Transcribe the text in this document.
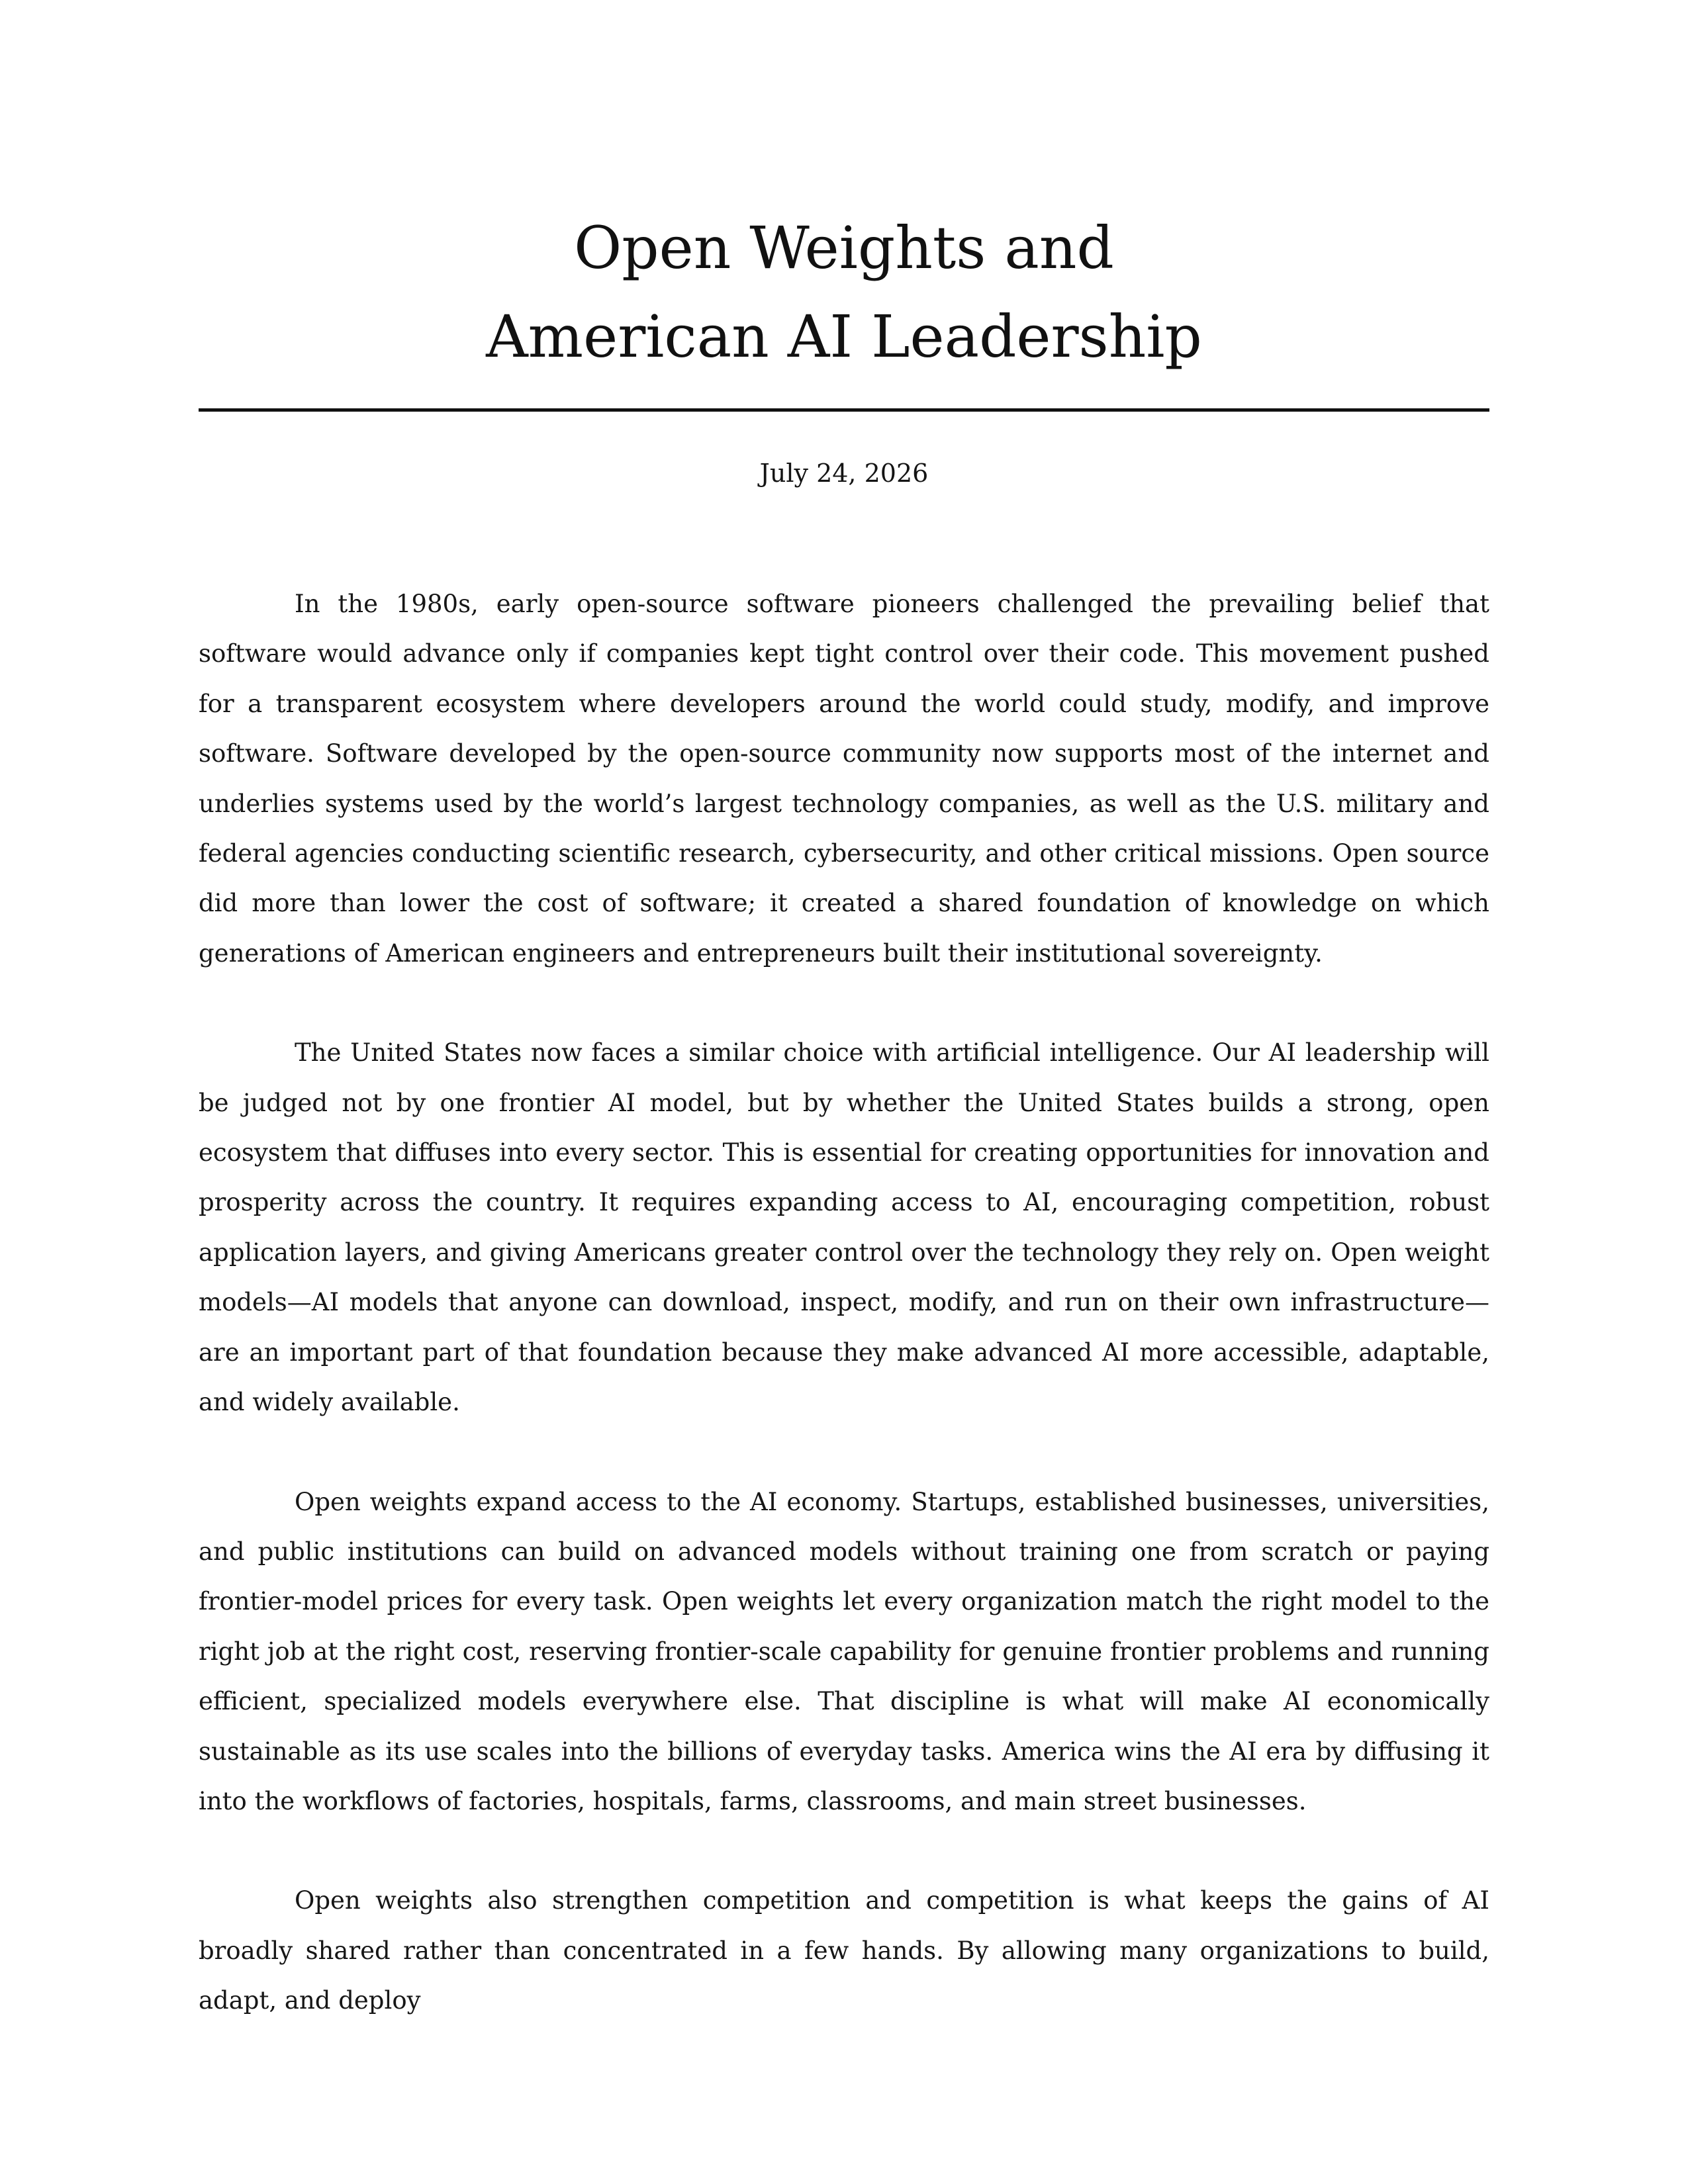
Open Weights and
American AI Leadership
July 24, 2026

In the 1980s, early open-source software pioneers challenged the prevailing belief that software would advance only if companies kept tight control over their code. This movement pushed for a transparent ecosystem where developers around the world could study, modify, and improve software. Software developed by the open-source community now supports most of the internet and underlies systems used by the world’s largest technology companies, as well as the U.S. military and federal agencies conducting scientific research, cybersecurity, and other critical missions. Open source did more than lower the cost of software; it created a shared foundation of knowledge on which generations of American engineers and entrepreneurs built their institutional sovereignty.

The United States now faces a similar choice with artificial intelligence. Our AI leadership will be judged not by one frontier AI model, but by whether the United States builds a strong, open ecosystem that diffuses into every sector. This is essential for creating opportunities for innovation and prosperity across the country. It requires expanding access to AI, encouraging competition, robust application layers, and giving Americans greater control over the technology they rely on. Open weight models—AI models that anyone can download, inspect, modify, and run on their own infrastructure—are an important part of that foundation because they make advanced AI more accessible, adaptable, and widely available.

Open weights expand access to the AI economy. Startups, established businesses, universities, and public institutions can build on advanced models without training one from scratch or paying frontier-model prices for every task. Open weights let every organization match the right model to the right job at the right cost, reserving frontier-scale capability for genuine frontier problems and running efficient, specialized models everywhere else. That discipline is what will make AI economically sustainable as its use scales into the billions of everyday tasks. America wins the AI era by diffusing it into the workflows of factories, hospitals, farms, classrooms, and main street businesses.

Open weights also strengthen competition and competition is what keeps the gains of AI broadly shared rather than concentrated in a few hands. By allowing many organizations to build, adapt, and deploy
